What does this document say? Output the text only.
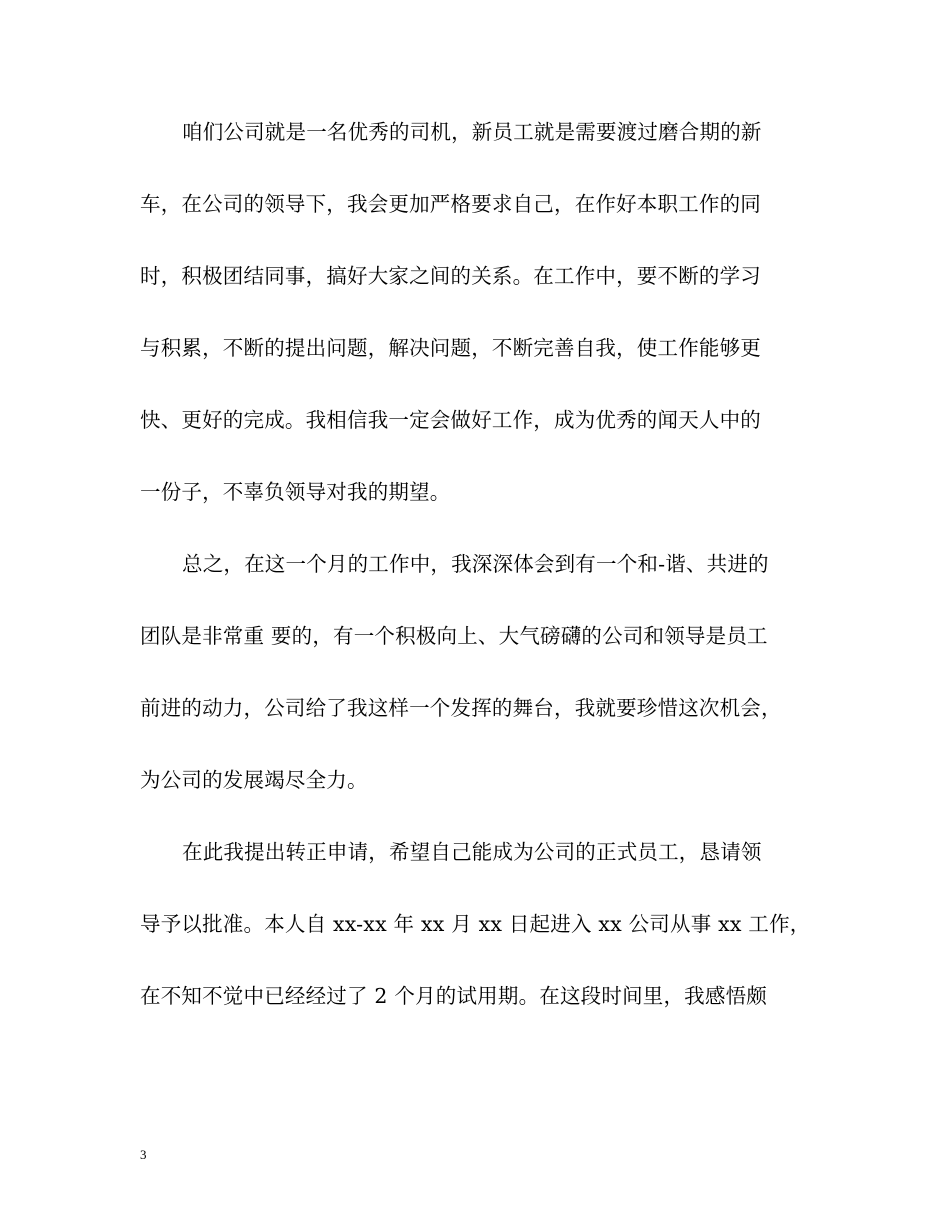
咱们公司就是一名优秀的司机，新员工就是需要渡过磨合期的新
车，在公司的领导下，我会更加严格要求自己，在作好本职工作的同
时，积极团结同事，搞好大家之间的关系。在工作中，要不断的学习
与积累，不断的提出问题，解决问题，不断完善自我，使工作能够更
快、更好的完成。我相信我一定会做好工作，成为优秀的闻天人中的
一份子，不辜负领导对我的期望。
总之，在这一个月的工作中，我深深体会到有一个和-谐、共进的
团队是非常重 要的，有一个积极向上、大气磅礴的公司和领导是员工
前进的动力，公司给了我这样一个发挥的舞台，我就要珍惜这次机会，
为公司的发展竭尽全力。
在此我提出转正申请，希望自己能成为公司的正式员工，恳请领
导予以批准。本人自 xx-xx 年 xx 月 xx 日起进入 xx 公司从事 xx 工作，
在不知不觉中已经经过了 2 个月的试用期。在这段时间里，我感悟颇
3
